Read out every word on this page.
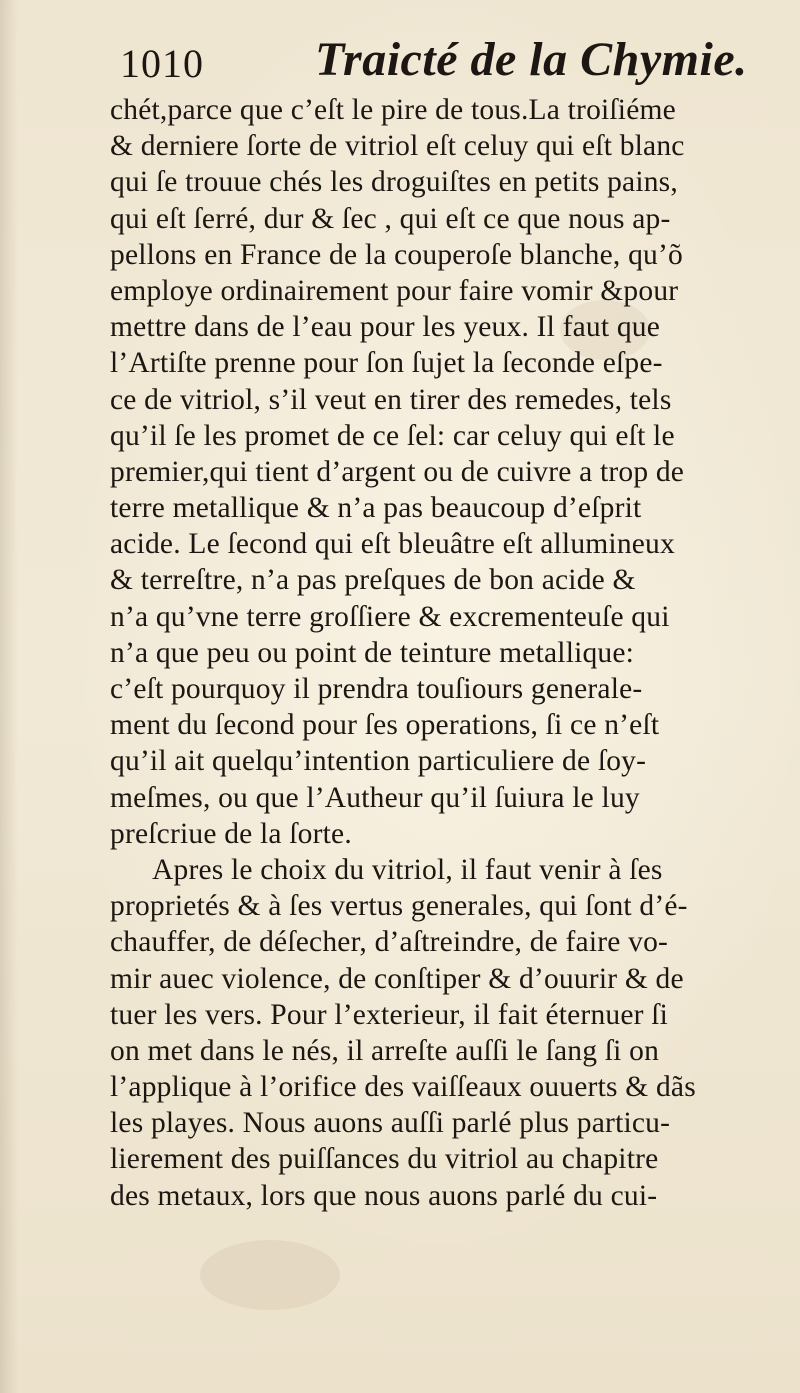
1010 Traicté de la Chymie.
chét,parce que c’eſt le pire de tous.La troiſiéme
& derniere ſorte de vitriol eſt celuy qui eſt blanc
qui ſe trouue chés les droguiſtes en petits pains,
qui eſt ſerré, dur & ſec , qui eſt ce que nous ap-
pellons en France de la couperoſe blanche, qu’õ
employe ordinairement pour faire vomir &pour
mettre dans de l’eau pour les yeux. Il faut que
l’Artiſte prenne pour ſon ſujet la ſeconde eſpe-
ce de vitriol, s’il veut en tirer des remedes, tels
qu’il ſe les promet de ce ſel: car celuy qui eſt le
premier,qui tient d’argent ou de cuivre a trop de
terre metallique & n’a pas beaucoup d’eſprit
acide. Le ſecond qui eſt bleuâtre eſt allumineux
& terreſtre, n’a pas preſques de bon acide &
n’a qu’vne terre groſſiere & excrementeuſe qui
n’a que peu ou point de teinture metallique:
c’eſt pourquoy il prendra touſiours generale-
ment du ſecond pour ſes operations, ſi ce n’eſt
qu’il ait quelqu’intention particuliere de ſoy-
meſmes, ou que l’Autheur qu’il ſuiura le luy
preſcriue de la ſorte.
Apres le choix du vitriol, il faut venir à ſes
proprietés & à ſes vertus generales, qui ſont d’é-
chauffer, de déſecher, d’aſtreindre, de faire vo-
mir auec violence, de conſtiper & d’ouurir & de
tuer les vers. Pour l’exterieur, il fait éternuer ſi
on met dans le nés, il arreſte auſſi le ſang ſi on
l’applique à l’orifice des vaiſſeaux ouuerts & dãs
les playes. Nous auons auſſi parlé plus particu-
lierement des puiſſances du vitriol au chapitre
des metaux, lors que nous auons parlé du cui-
